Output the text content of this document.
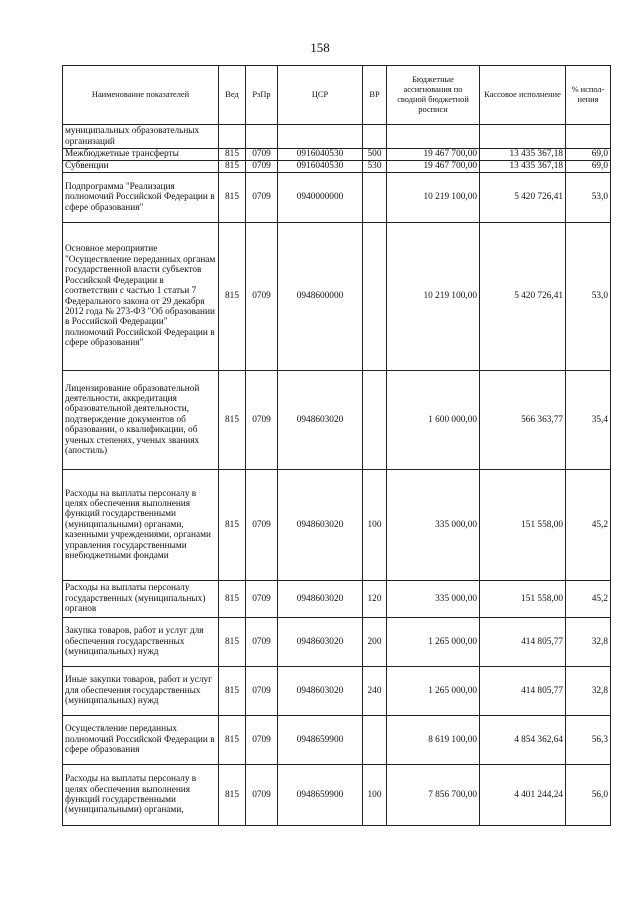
158
Наименование показателей	Вед	РзПр	ЦСР	ВР	Бюджетные ассигнования по сводной бюджетной росписи	Кассовое исполнение	% испол-нения
муниципальных образовательных организаций							
Межбюджетные трансферты	815	0709	0916040530	500	19 467 700,00	13 435 367,18	69,0
Субвенции	815	0709	0916040530	530	19 467 700,00	13 435 367,18	69,0
Подпрограмма "Реализация полномочий Российской Федерации в сфере образования"	815	0709	0940000000		10 219 100,00	5 420 726,41	53,0
Основное мероприятие "Осуществление переданных органам государственной власти субъектов Российской Федерации в соответствии с частью 1 статьи 7 Федерального закона от 29 декабря 2012 года № 273-ФЗ "Об образовании в Российской Федерации" полномочий Российской Федерации в сфере образования"	815	0709	0948600000		10 219 100,00	5 420 726,41	53,0
Лицензирование образовательной деятельности, аккредитация образовательной деятельности, подтверждение документов об образовании, о квалификации, об ученых степенях, ученых званиях (апостиль)	815	0709	0948603020		1 600 000,00	566 363,77	35,4
Расходы на выплаты персоналу в целях обеспечения выполнения функций государственными (муниципальными) органами, казенными учреждениями, органами управления государственными внебюджетными фондами	815	0709	0948603020	100	335 000,00	151 558,00	45,2
Расходы на выплаты персоналу государственных (муниципальных) органов	815	0709	0948603020	120	335 000,00	151 558,00	45,2
Закупка товаров, работ и услуг для обеспечения государственных (муниципальных) нужд	815	0709	0948603020	200	1 265 000,00	414 805,77	32,8
Иные закупки товаров, работ и услуг для обеспечения государственных (муниципальных) нужд	815	0709	0948603020	240	1 265 000,00	414 805,77	32,8
Осуществление переданных полномочий Российской Федерации в сфере образования	815	0709	0948659900		8 619 100,00	4 854 362,64	56,3
Расходы на выплаты персоналу в целях обеспечения выполнения функций государственными (муниципальными) органами,	815	0709	0948659900	100	7 856 700,00	4 401 244,24	56,0
